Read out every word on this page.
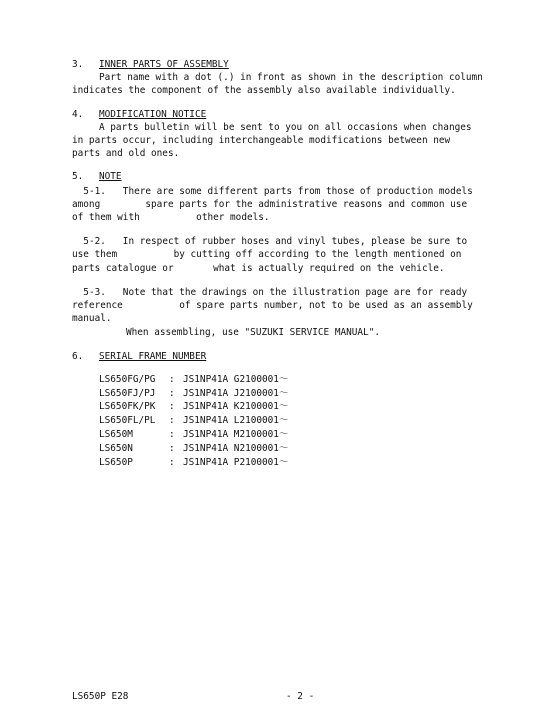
3.	INNER PARTS OF ASSEMBLY
Part name with a dot (.) in front as shown in the description column indicates the component of the assembly also available individually.
4.	MODIFICATION NOTICE
A parts bulletin will be sent to you on all occasions when changes in parts occur, including interchangeable modifications between new parts and old ones.
5.	NOTE
5-1.   There are some different parts from those of production models among        spare parts for the administrative reasons and common use of them with          other models.
5-2.   In respect of rubber hoses and vinyl tubes, please be sure to use them          by cutting off according to the length mentioned on parts catalogue or       what is actually required on the vehicle.
5-3.   Note that the drawings on the illustration page are for ready reference          of spare parts number, not to be used as an assembly manual.
When assembling, use "SUZUKI SERVICE MANUAL".
6.	SERIAL FRAME NUMBER
LS650FG/PG	: JS1NP41A G2100001～
LS650FJ/PJ	: JS1NP41A J2100001～
LS650FK/PK	: JS1NP41A K2100001～
LS650FL/PL	: JS1NP41A L2100001～
LS650M	: JS1NP41A M2100001～
LS650N	: JS1NP41A N2100001～
LS650P	: JS1NP41A P2100001～
LS650P E28	- 2 -
